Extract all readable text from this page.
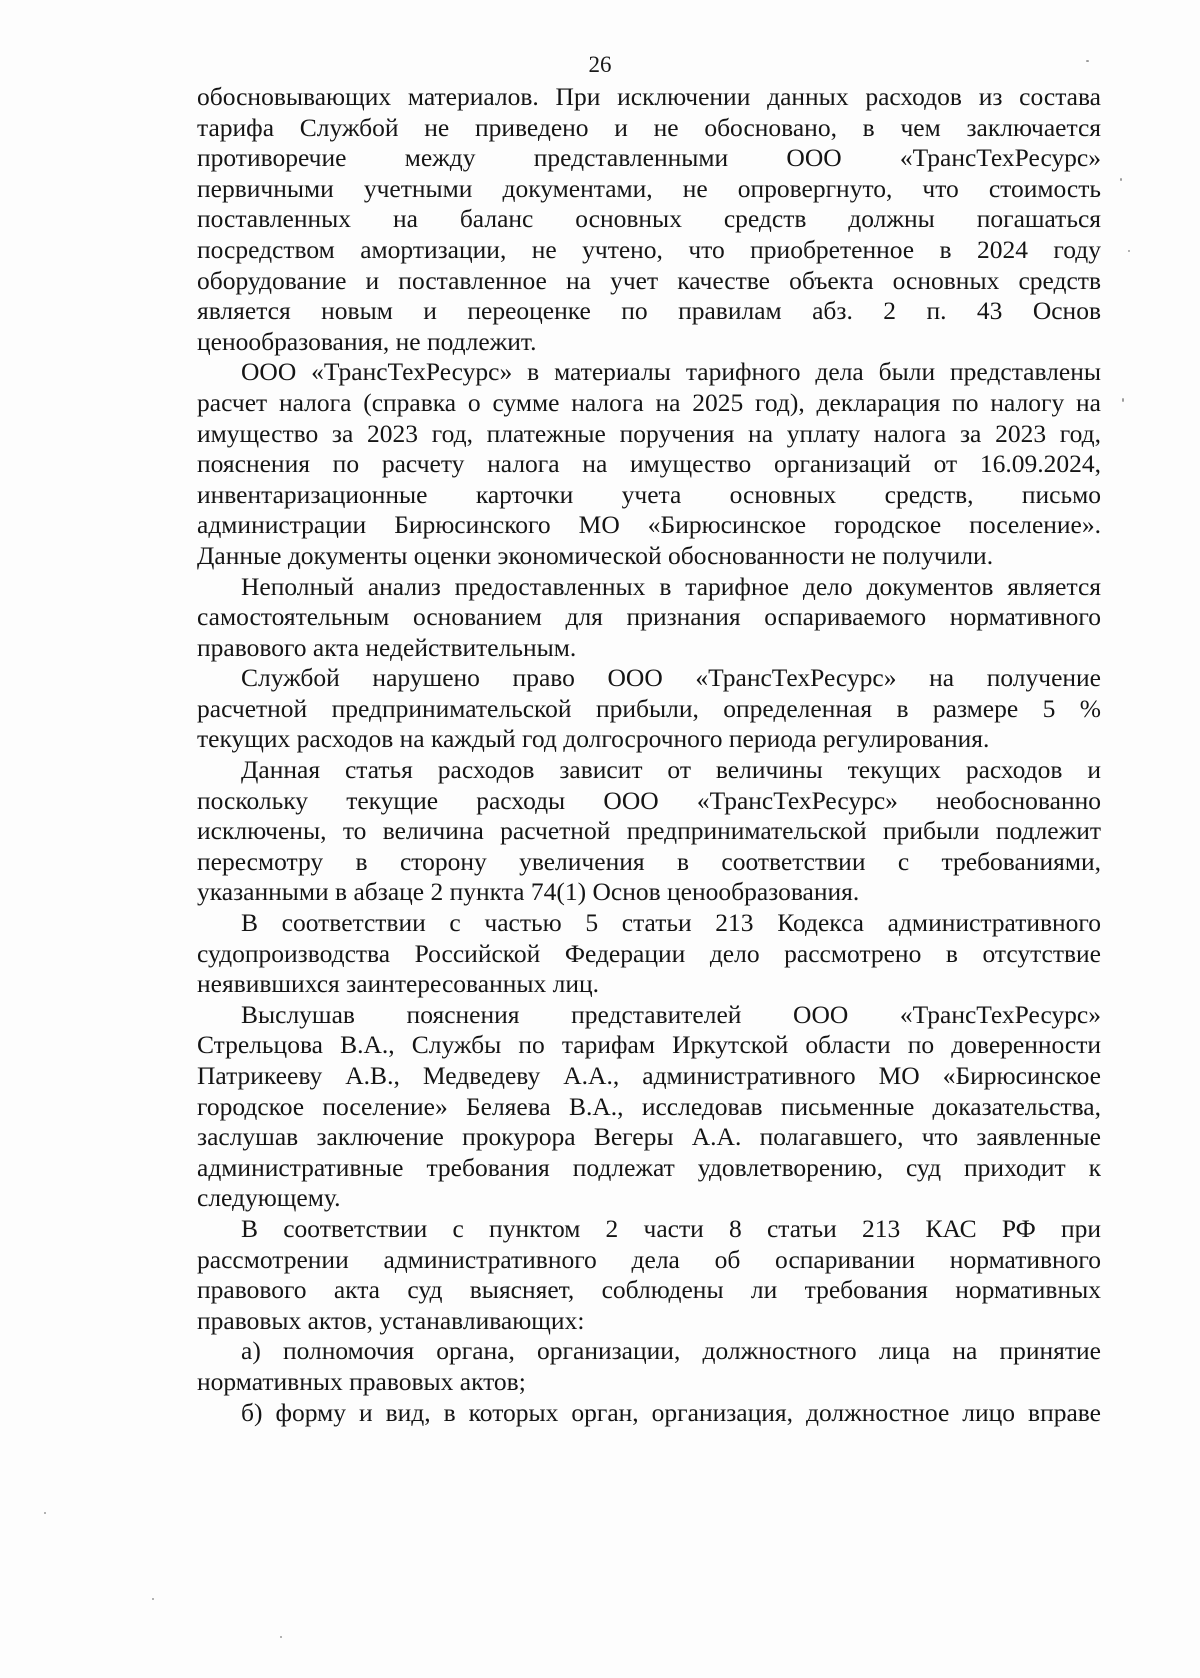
26
обосновывающих материалов. При исключении данных расходов из состава
тарифа Службой не приведено и не обосновано, в чем заключается
противоречие между представленными ООО «ТрансТехРесурс»
первичными учетными документами, не опровергнуто, что стоимость
поставленных на баланс основных средств должны погашаться
посредством амортизации, не учтено, что приобретенное в 2024 году
оборудование и поставленное на учет качестве объекта основных средств
является новым и переоценке по правилам абз. 2 п. 43 Основ
ценообразования, не подлежит.
ООО «ТрансТехРесурс» в материалы тарифного дела были представлены
расчет налога (справка о сумме налога на 2025 год), декларация по налогу на
имущество за 2023 год, платежные поручения на уплату налога за 2023 год,
пояснения по расчету налога на имущество организаций от 16.09.2024,
инвентаризационные карточки учета основных средств, письмо
администрации Бирюсинского МО «Бирюсинское городское поселение».
Данные документы оценки экономической обоснованности не получили.
Неполный анализ предоставленных в тарифное дело документов является
самостоятельным основанием для признания оспариваемого нормативного
правового акта недействительным.
Службой нарушено право ООО «ТрансТехРесурс» на получение
расчетной предпринимательской прибыли, определенная в размере 5 %
текущих расходов на каждый год долгосрочного периода регулирования.
Данная статья расходов зависит от величины текущих расходов и
поскольку текущие расходы ООО «ТрансТехРесурс» необоснованно
исключены, то величина расчетной предпринимательской прибыли подлежит
пересмотру в сторону увеличения в соответствии с требованиями,
указанными в абзаце 2 пункта 74(1) Основ ценообразования.
В соответствии с частью 5 статьи 213 Кодекса административного
судопроизводства Российской Федерации дело рассмотрено в отсутствие
неявившихся заинтересованных лиц.
Выслушав пояснения представителей ООО «ТрансТехРесурс»
Стрельцова В.А., Службы по тарифам Иркутской области по доверенности
Патрикееву А.В., Медведеву А.А., административного МО «Бирюсинское
городское поселение» Беляева В.А., исследовав письменные доказательства,
заслушав заключение прокурора Вегеры А.А. полагавшего, что заявленные
административные требования подлежат удовлетворению, суд приходит к
следующему.
В соответствии с пунктом 2 части 8 статьи 213 КАС РФ при
рассмотрении административного дела об оспаривании нормативного
правового акта суд выясняет, соблюдены ли требования нормативных
правовых актов, устанавливающих:
а) полномочия органа, организации, должностного лица на принятие
нормативных правовых актов;
б) форму и вид, в которых орган, организация, должностное лицо вправе
